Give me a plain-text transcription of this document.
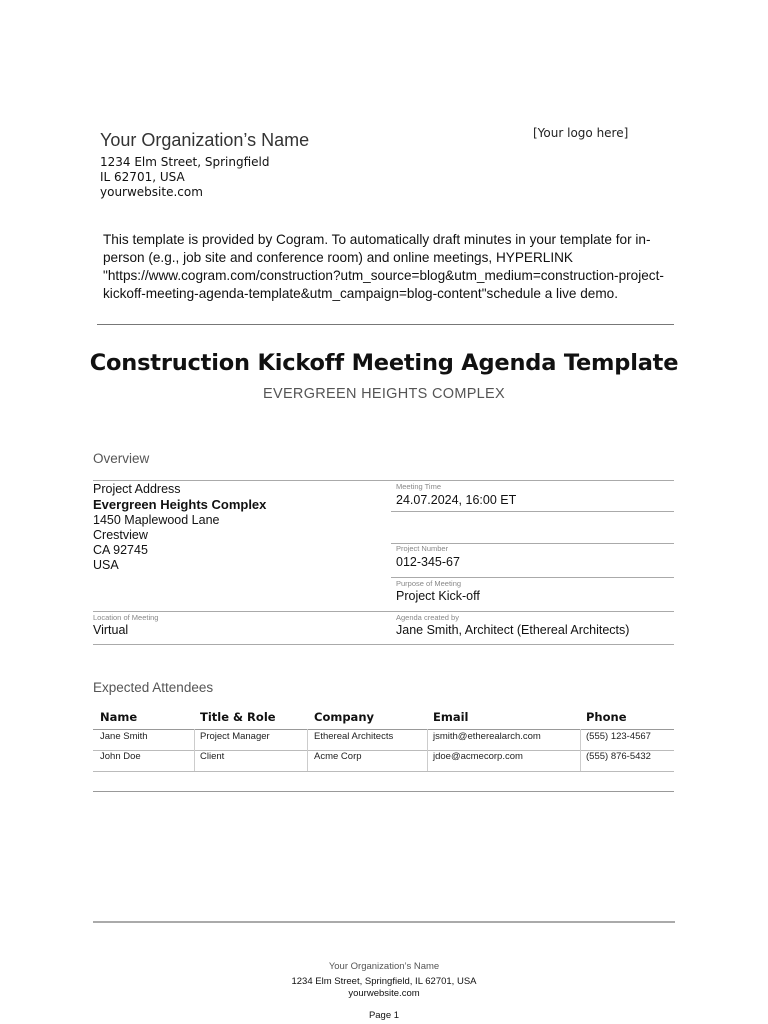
Your Organization’s Name
1234 Elm Street, Springfield
IL 62701, USA
yourwebsite.com
[Your logo here]
This template is provided by Cogram. To automatically draft minutes in your template for in-person (e.g., job site and conference room) and online meetings, HYPERLINK "https://www.cogram.com/construction?utm_source=blog&utm_medium=construction-project-kickoff-meeting-agenda-template&utm_campaign=blog-content"schedule a live demo.
Construction Kickoff Meeting Agenda Template
EVERGREEN HEIGHTS COMPLEX
Overview
Project Address
Evergreen Heights Complex
1450 Maplewood Lane
Crestview
CA 92745
USA
Meeting Time
24.07.2024, 16:00 ET
Project Number
012-345-67
Purpose of Meeting
Project Kick-off
Location of Meeting
Virtual
Agenda created by
Jane Smith, Architect (Ethereal Architects)
Expected Attendees
Name	Title & Role	Company	Email	Phone
Jane Smith	Project Manager	Ethereal Architects	jsmith@etherealarch.com	(555) 123-4567
John Doe	Client	Acme Corp	jdoe@acmecorp.com	(555) 876-5432
Your Organization’s Name
1234 Elm Street, Springfield, IL 62701, USA
yourwebsite.com
Page 1
